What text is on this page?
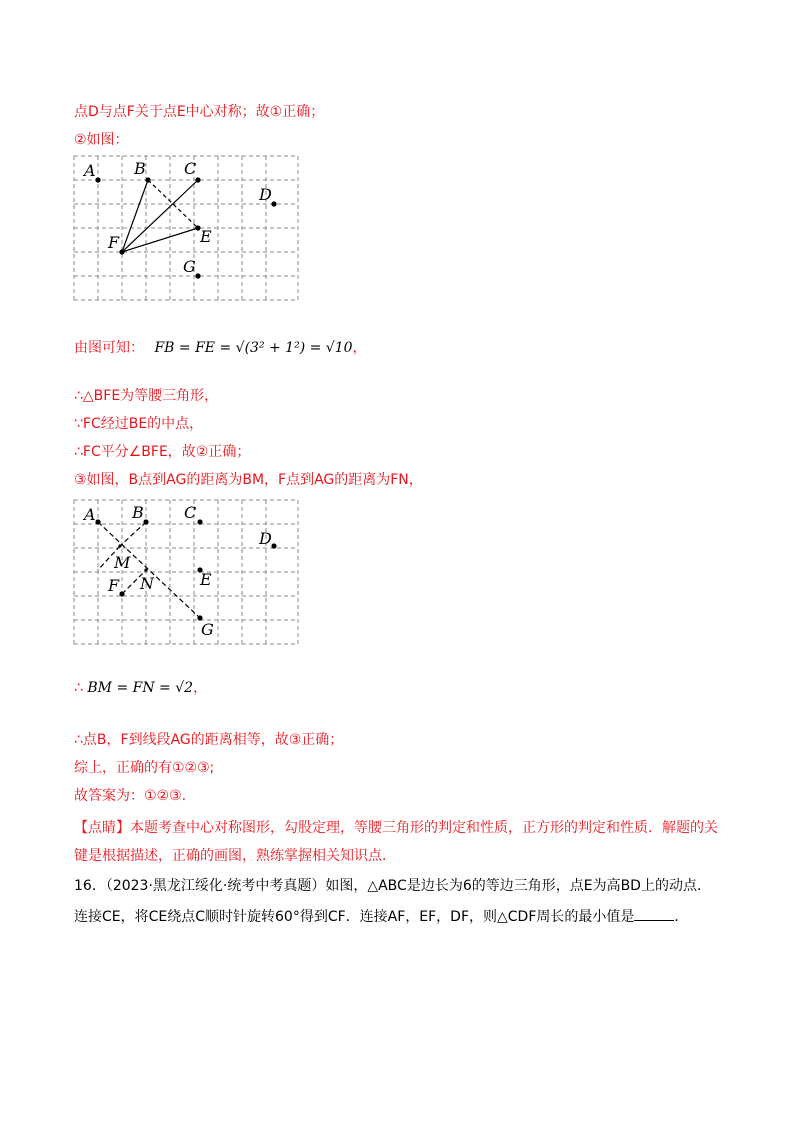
点D与点F关于点E中心对称；故①正确；
②如图：
A B C
D
E
F
G
由图可知： FB = FE = √(3² + 1²) = √10，
∴△BFE为等腰三角形，
∵FC经过BE的中点，
∴FC平分∠BFE，故②正确；
③如图，B点到AG的距离为BM，F点到AG的距离为FN，
A B	C
D
E
F
G
M
N
∴ BM = FN = √2，
∴点B，F到线段AG的距离相等，故③正确；
综上，正确的有①②③;
故答案为：①②③.
【点睛】本题考查中心对称图形，勾股定理，等腰三角形的判定和性质，正方形的判定和性质．解题的关
键是根据描述，正确的画图，熟练掌握相关知识点．
16．（2023·黑龙江绥化·统考中考真题）如图，△ABC是边长为6的等边三角形，点E为高BD上的动点．
连接CE，将CE绕点C顺时针旋转60°得到CF．连接AF，EF，DF，则△CDF周长的最小值是	．
